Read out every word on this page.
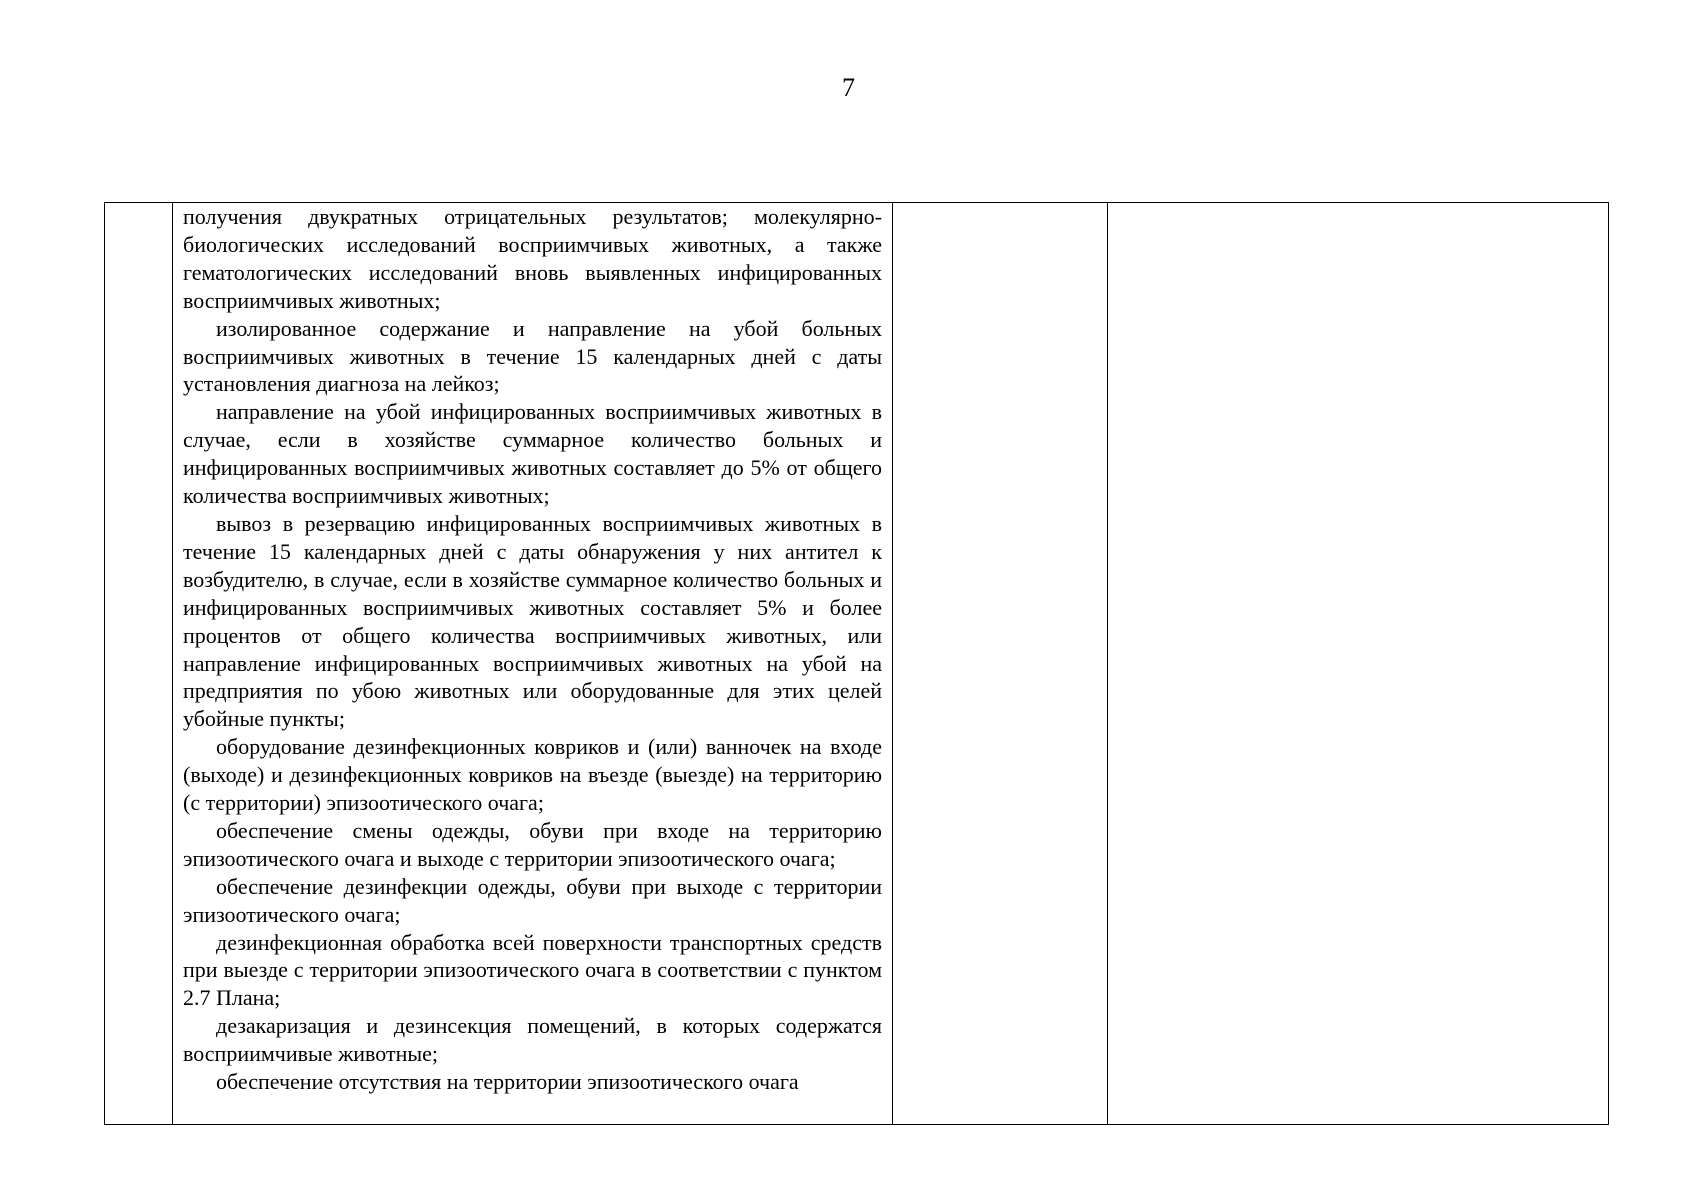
7

получения двукратных отрицательных результатов; молекулярно-биологических исследований восприимчивых животных, а также гематологических исследований вновь выявленных инфицированных восприимчивых животных;

изолированное содержание и направление на убой больных восприимчивых животных в течение 15 календарных дней с даты установления диагноза на лейкоз;

направление на убой инфицированных восприимчивых животных в случае, если в хозяйстве суммарное количество больных и инфицированных восприимчивых животных составляет до 5% от общего количества восприимчивых животных;

вывоз в резервацию инфицированных восприимчивых животных в течение 15 календарных дней с даты обнаружения у них антител к возбудителю, в случае, если в хозяйстве суммарное количество больных и инфицированных восприимчивых животных составляет 5% и более процентов от общего количества восприимчивых животных, или направление инфицированных восприимчивых животных на убой на предприятия по убою животных или оборудованные для этих целей убойные пункты;

оборудование дезинфекционных ковриков и (или) ванночек на входе (выходе) и дезинфекционных ковриков на въезде (выезде) на территорию (с территории) эпизоотического очага;

обеспечение смены одежды, обуви при входе на территорию эпизоотического очага и выходе с территории эпизоотического очага;

обеспечение дезинфекции одежды, обуви при выходе с территории эпизоотического очага;

дезинфекционная обработка всей поверхности транспортных средств при выезде с территории эпизоотического очага в соответствии с пунктом 2.7 Плана;

дезакаризация и дезинсекция помещений, в которых содержатся восприимчивые животные;

обеспечение отсутствия на территории эпизоотического очага
